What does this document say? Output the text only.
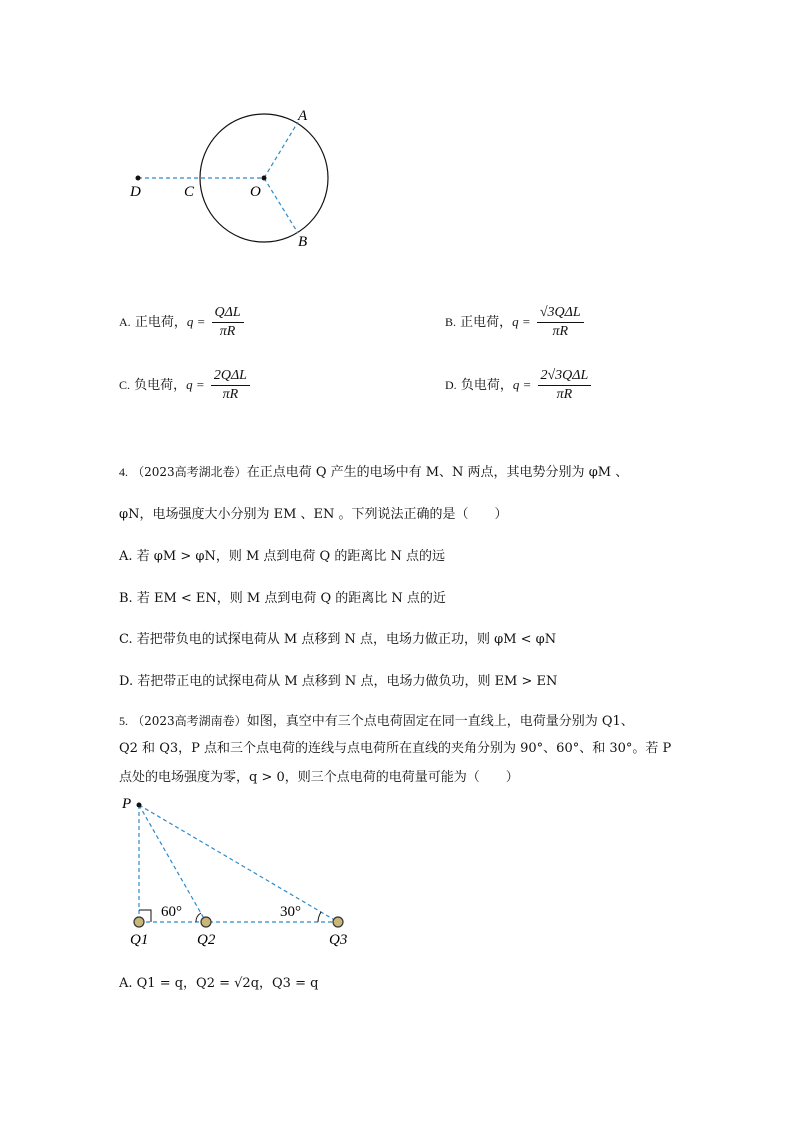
D	C	O
A
B
A. 正电荷，$q = \frac{\text{QΔL}}{\pi R}$	B. 正电荷，$q = \frac{\text{√3QΔL}}{\pi R}$
C. 负电荷，$q = \frac{\text{2QΔL}}{\pi R}$	D. 负电荷，$q = \frac{\text{2√3QΔL}}{\pi R}$
4. （2023高考湖北卷）在正点电荷 Q 产生的电场中有 M、N 两点，其电势分别为 φM 、
φN，电场强度大小分别为 EM 、EN 。下列说法正确的是（　　）
A. 若 φM > φN，则 M 点到电荷 Q 的距离比 N 点的远
B. 若 EM < EN，则 M 点到电荷 Q 的距离比 N 点的近
C. 若把带负电的试探电荷从 M 点移到 N 点，电场力做正功，则 φM < φN
D. 若把带正电的试探电荷从 M 点移到 N 点，电场力做负功，则 EM > EN
5. （2023高考湖南卷）如图，真空中有三个点电荷固定在同一直线上，电荷量分别为 Q1、
Q2 和 Q3，P 点和三个点电荷的连线与点电荷所在直线的夹角分别为 90°、60°、和 30°。若 P
点处的电场强度为零，q > 0，则三个点电荷的电荷量可能为（　　）
P
60°	30°
Q1	Q2	Q3
A. Q1 = q，Q2 = √2q，Q3 = q
